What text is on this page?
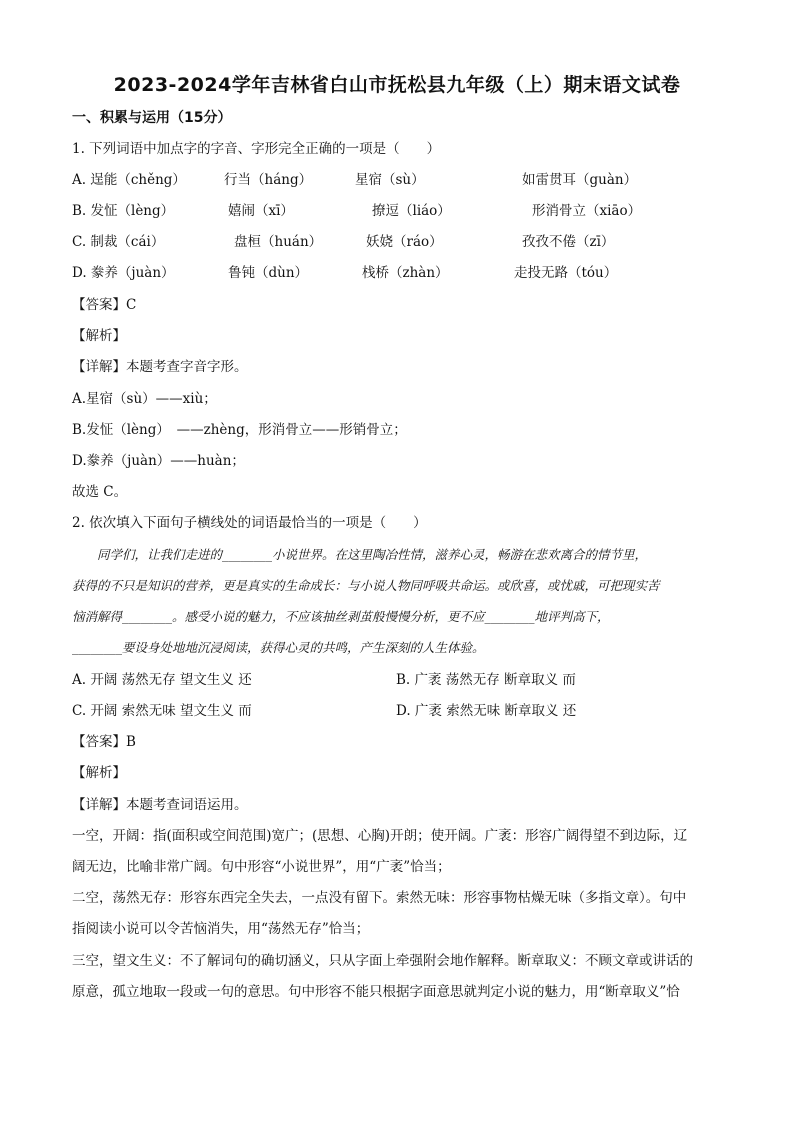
2023-2024学年吉林省白山市抚松县九年级（上）期末语文试卷
一、积累与运用（15分）
1. 下列词语中加点字的字音、字形完全正确的一项是（　　）
A. 逞能（chěng）	行当（háng）	星宿（sù）	如雷贯耳（guàn）
B. 发怔（lèng）	嬉闹（xī）	撩逗（liáo）	形消骨立（xiāo）
C. 制裁（cái）	盘桓（huán）	妖娆（ráo）	孜孜不倦（zī）
D. 豢养（juàn）	鲁钝（dùn）	栈桥（zhàn）	走投无路（tóu）
【答案】C
【解析】
【详解】本题考查字音字形。
A.星宿（sù）——xiù；
B.发怔（lèng）　——zhèng，形消骨立——形销骨立；
D.豢养（juàn）——huàn；
故选 C。
2. 依次填入下面句子横线处的词语最恰当的一项是（　　）
　　同学们，让我们走进的________小说世界。在这里陶冶性情，滋养心灵，畅游在悲欢离合的情节里，
获得的不只是知识的营养，更是真实的生命成长：与小说人物同呼吸共命运。或欣喜，或忧戚，可把现实苦
恼消解得________。感受小说的魅力，不应该抽丝剥茧般慢慢分析，更不应________地评判高下，
________要设身处地地沉浸阅读，获得心灵的共鸣，产生深刻的人生体验。
A. 开阔 荡然无存 望文生义 还	B. 广袤 荡然无存 断章取义 而
C. 开阔 索然无味 望文生义 而	D. 广袤 索然无味 断章取义 还
【答案】B
【解析】
【详解】本题考查词语运用。
一空，开阔：指(面积或空间范围)宽广；(思想、心胸)开朗；使开阔。广袤：形容广阔得望不到边际，辽
阔无边，比喻非常广阔。句中形容“小说世界”，用“广袤”恰当；
二空，荡然无存：形容东西完全失去，一点没有留下。索然无味：形容事物枯燥无味（多指文章）。句中
指阅读小说可以令苦恼消失，用“荡然无存”恰当；
三空，望文生义：不了解词句的确切涵义，只从字面上牵强附会地作解释。断章取义：不顾文章或讲话的
原意，孤立地取一段或一句的意思。句中形容不能只根据字面意思就判定小说的魅力，用“断章取义”恰
